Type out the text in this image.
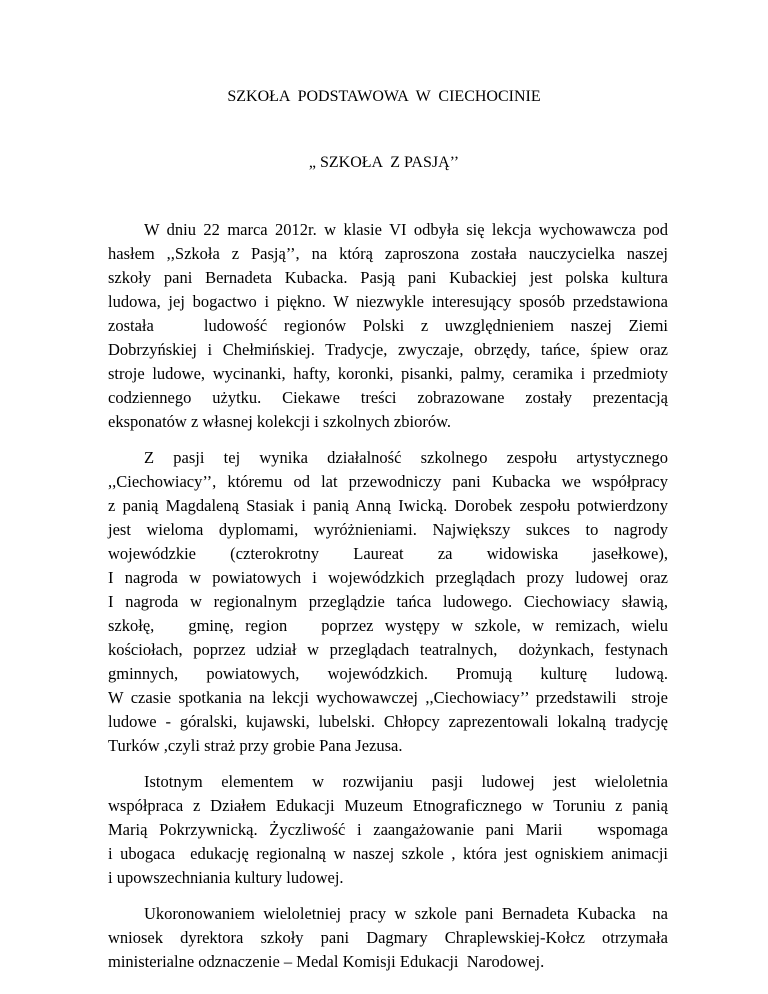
SZKOŁA  PODSTAWOWA  W  CIECHOCINIE
„ SZKOŁA  Z PASJĄ’’
W dniu 22 marca 2012r. w klasie VI odbyła się lekcja wychowawcza pod
hasłem ,,Szkoła z Pasją’’, na którą zaproszona została nauczycielka naszej
szkoły pani Bernadeta Kubacka. Pasją pani Kubackiej jest polska kultura
ludowa, jej bogactwo i piękno. W niezwykle interesujący sposób przedstawiona
została   ludowość regionów Polski z uwzględnieniem naszej Ziemi
Dobrzyńskiej i Chełmińskiej. Tradycje, zwyczaje, obrzędy, tańce, śpiew oraz
stroje ludowe, wycinanki, hafty, koronki, pisanki, palmy, ceramika i przedmioty
codziennego użytku. Ciekawe treści zobrazowane zostały prezentacją
eksponatów z własnej kolekcji i szkolnych zbiorów.
Z pasji tej wynika działalność szkolnego zespołu artystycznego
,,Ciechowiacy’’, któremu od lat przewodniczy pani Kubacka we współpracy
z panią Magdaleną Stasiak i panią Anną Iwicką. Dorobek zespołu potwierdzony
jest wieloma dyplomami, wyróżnieniami. Największy sukces to nagrody
wojewódzkie (czterokrotny Laureat za widowiska jasełkowe),
I nagroda w powiatowych i wojewódzkich przeglądach prozy ludowej oraz
I nagroda w regionalnym przeglądzie tańca ludowego. Ciechowiacy sławią,
szkołę,   gminę, region   poprzez występy w szkole, w remizach, wielu
kościołach, poprzez udział w przeglądach teatralnych,  dożynkach, festynach
gminnych, powiatowych, wojewódzkich. Promują kulturę ludową.
W czasie spotkania na lekcji wychowawczej ,,Ciechowiacy’’ przedstawili  stroje
ludowe - góralski, kujawski, lubelski. Chłopcy zaprezentowali lokalną tradycję
Turków ,czyli straż przy grobie Pana Jezusa.
Istotnym elementem w rozwijaniu pasji ludowej jest wieloletnia
współpraca z Działem Edukacji Muzeum Etnograficznego w Toruniu z panią
Marią Pokrzywnicką. Życzliwość i zaangażowanie pani Marii   wspomaga
i ubogaca  edukację regionalną w naszej szkole , która jest ogniskiem animacji
i upowszechniania kultury ludowej.
Ukoronowaniem wieloletniej pracy w szkole pani Bernadeta Kubacka  na
wniosek dyrektora szkoły pani Dagmary Chraplewskiej-Kołcz otrzymała
ministerialne odznaczenie – Medal Komisji Edukacji  Narodowej.
